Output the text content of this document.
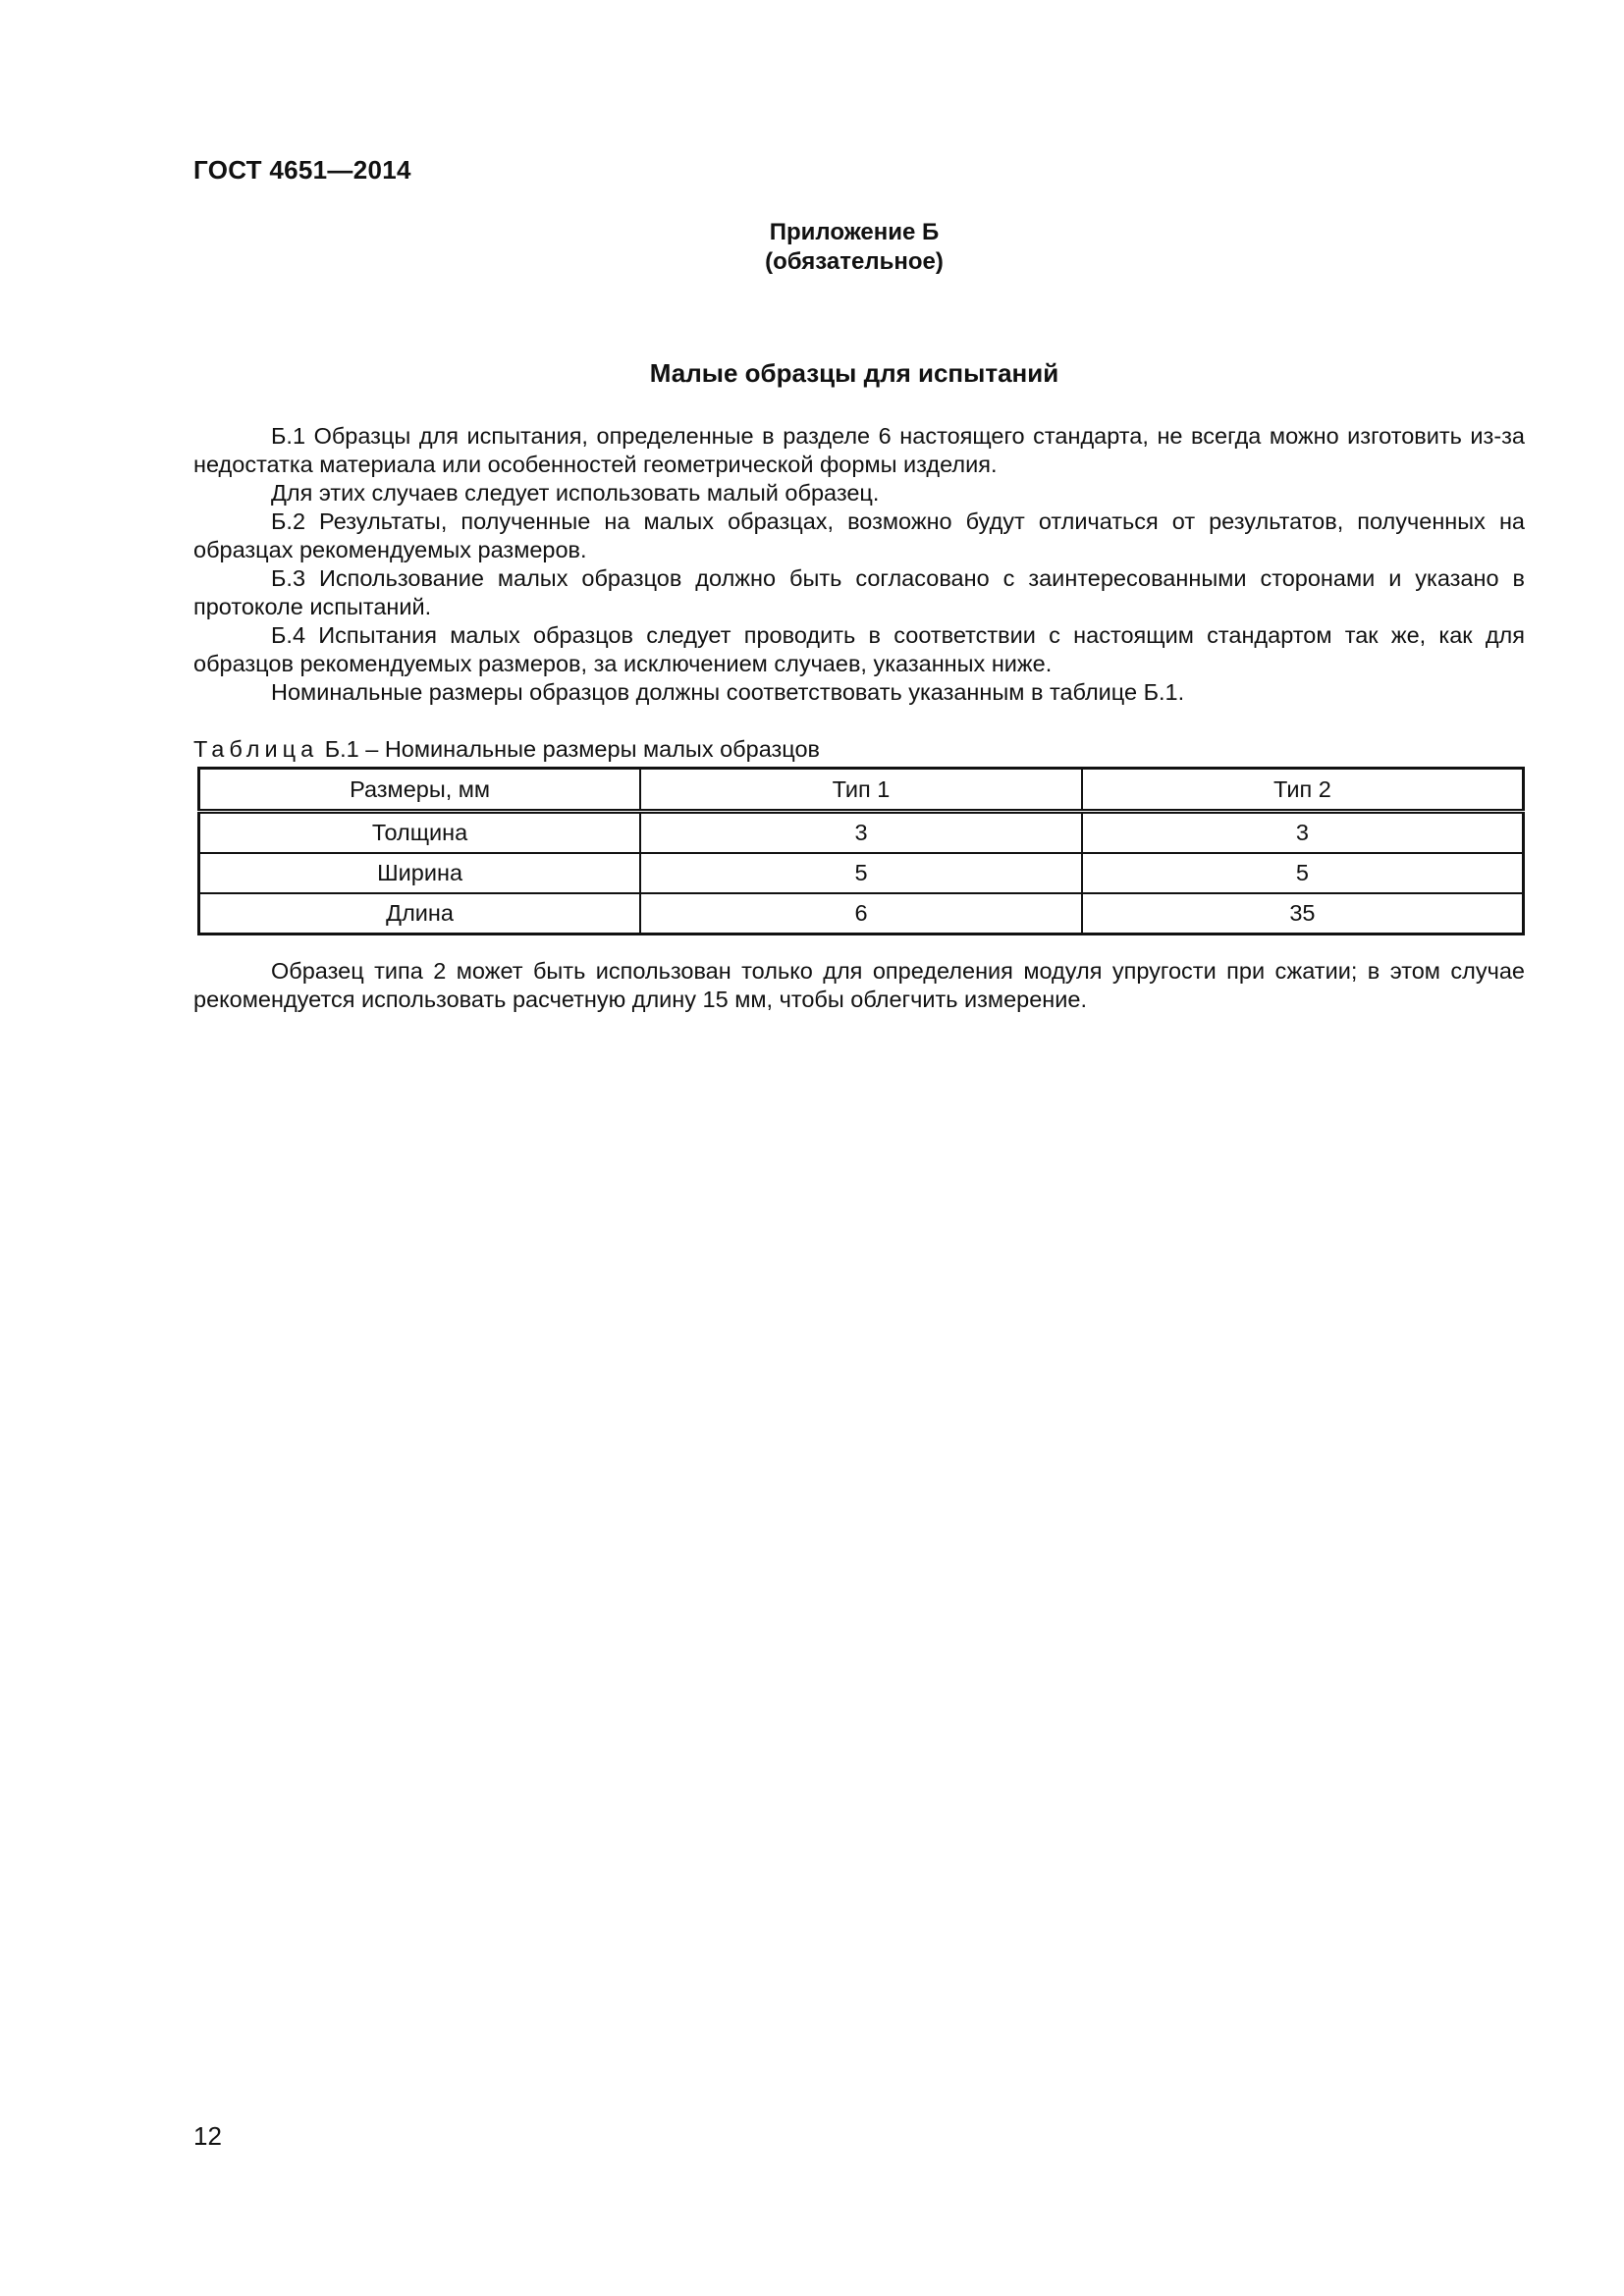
ГОСТ 4651—2014
Приложение Б
(обязательное)
Малые образцы для испытаний

Б.1 Образцы для испытания, определенные в разделе 6 настоящего стандарта, не всегда можно изготовить из-за недостатка материала или особенностей геометрической формы изделия.

Для этих случаев следует использовать малый образец.

Б.2 Результаты, полученные на малых образцах, возможно будут отличаться от результатов, полученных на образцах рекомендуемых размеров.

Б.3 Использование малых образцов должно быть согласовано с заинтересованными сторонами и указано в протоколе испытаний.

Б.4 Испытания малых образцов следует проводить в соответствии с настоящим стандартом так же, как для образцов рекомендуемых размеров, за исключением случаев, указанных ниже.

Номинальные размеры образцов должны соответствовать указанным в таблице Б.1.

Таблица Б.1 – Номинальные размеры малых образцов
Размеры, мм	Тип 1	Тип 2
Толщина	3	3
Ширина	5	5
Длина	6	35

Образец типа 2 может быть использован только для определения модуля упругости при сжатии; в этом случае рекомендуется использовать расчетную длину 15 мм, чтобы облегчить измерение.

12
